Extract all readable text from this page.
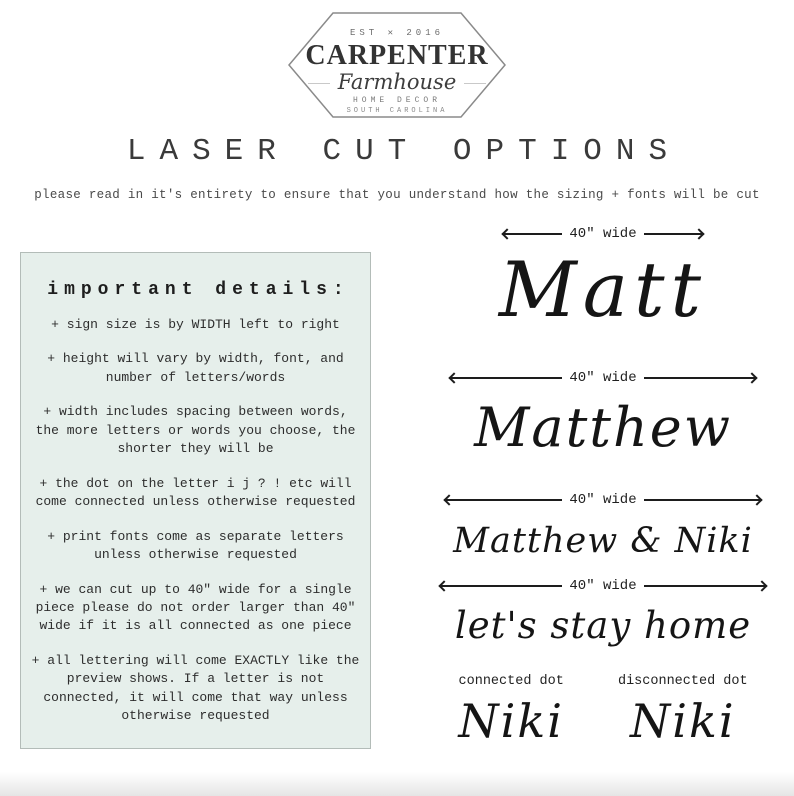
EST ✕ 2016
CARPENTER
Farmhouse
HOME DECOR
SOUTH CAROLINA
LASER CUT OPTIONS
please read in it's entirety to ensure that you understand how the sizing + fonts will be cut
important details:

+ sign size is by WIDTH left to right

+ height will vary by width, font, and number of letters/words

+ width includes spacing between words, the more letters or words you choose, the shorter they will be

+ the dot on the letter i j ? ! etc will come connected unless otherwise requested

+ print fonts come as separate letters unless otherwise requested

+ we can cut up to 40" wide for a single piece please do not order larger than 40" wide if it is all connected as one piece

+ all lettering will come EXACTLY like the preview shows. If a letter is not connected, it will come that way unless otherwise requested

40" wide
Matt
40" wide
Matthew
40" wide
Matthew & Niki
40" wide
let's stay home
connected dot
Niki
disconnected dot
Niki
